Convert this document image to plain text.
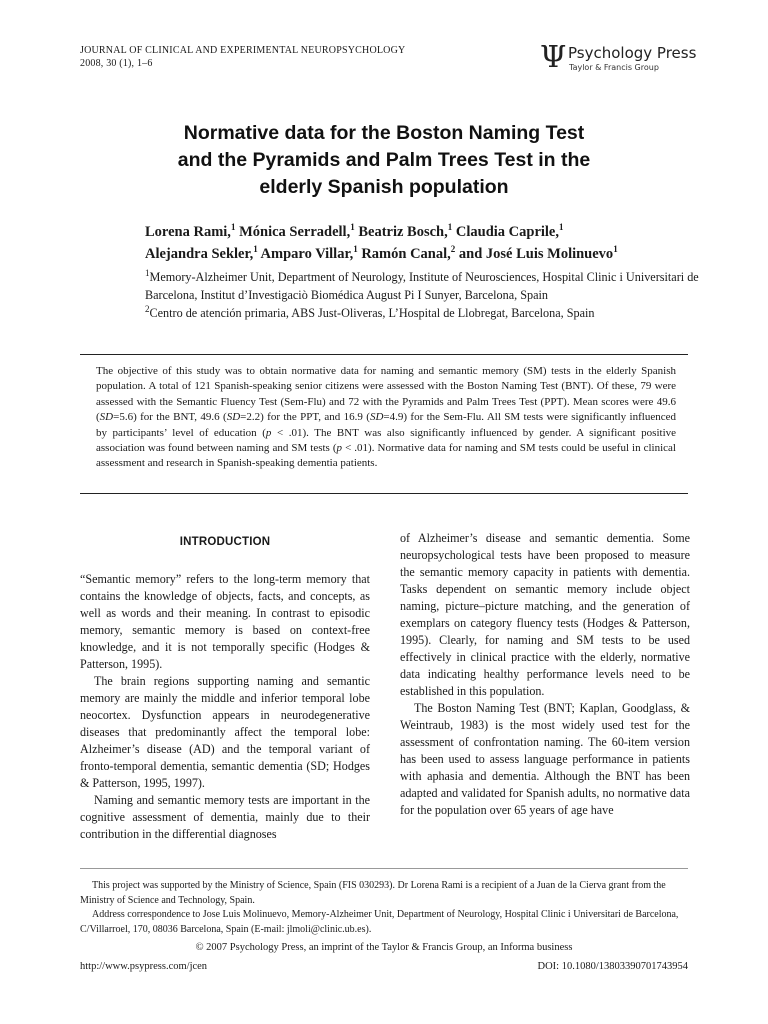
JOURNAL OF CLINICAL AND EXPERIMENTAL NEUROPSYCHOLOGY
2008, 30 (1), 1–6	Ψ Psychology Press
Taylor & Francis Group
Normative data for the Boston Naming Test
and the Pyramids and Palm Trees Test in the
elderly Spanish population
Lorena Rami,$^1$ Mónica Serradell,$^1$ Beatriz Bosch,$^1$ Claudia Caprile,$^1$
Alejandra Sekler,$^1$ Amparo Villar,$^1$ Ramón Canal,$^2$ and José Luis Molinuevo$^1$
$^1$Memory-Alzheimer Unit, Department of Neurology, Institute of Neurosciences, Hospital Clinic i Universitari de Barcelona, Institut d’Investigaciò Biomédica August Pi I Sunyer, Barcelona, Spain
$^2$Centro de atención primaria, ABS Just-Oliveras, L’Hospital de Llobregat, Barcelona, Spain
The objective of this study was to obtain normative data for naming and semantic memory (SM) tests in the elderly Spanish population. A total of 121 Spanish-speaking senior citizens were assessed with the Boston Naming Test (BNT). Of these, 79 were assessed with the Semantic Fluency Test (Sem-Flu) and 72 with the Pyramids and Palm Trees Test (PPT). Mean scores were 49.6 (SD=5.6) for the BNT, 49.6 (SD=2.2) for the PPT, and 16.9 (SD=4.9) for the Sem-Flu. All SM tests were significantly influenced by participants’ level of education (p < .01). The BNT was also significantly influenced by gender. A significant positive association was found between naming and SM tests (p < .01). Normative data for naming and SM tests could be useful in clinical assessment and research in Spanish-speaking dementia patients.

INTRODUCTION

“Semantic memory” refers to the long-term memory that contains the knowledge of objects, facts, and concepts, as well as words and their meaning. In contrast to episodic memory, semantic memory is based on context-free knowledge, and it is not temporally specific (Hodges & Patterson, 1995).

The brain regions supporting naming and semantic memory are mainly the middle and inferior temporal lobe neocortex. Dysfunction appears in neurodegenerative diseases that predominantly affect the temporal lobe: Alzheimer’s disease (AD) and the temporal variant of fronto-temporal dementia, semantic dementia (SD; Hodges & Patterson, 1995, 1997).

Naming and semantic memory tests are important in the cognitive assessment of dementia, mainly due to their contribution in the differential diagnoses

of Alzheimer’s disease and semantic dementia. Some neuropsychological tests have been proposed to measure the semantic memory capacity in patients with dementia. Tasks dependent on semantic memory include object naming, picture–picture matching, and the generation of exemplars on category fluency tests (Hodges & Patterson, 1995). Clearly, for naming and SM tests to be used effectively in clinical practice with the elderly, normative data indicating healthy performance levels need to be established in this population.

The Boston Naming Test (BNT; Kaplan, Goodglass, & Weintraub, 1983) is the most widely used test for the assessment of confrontation naming. The 60-item version has been used to assess language performance in patients with aphasia and dementia. Although the BNT has been adapted and validated for Spanish adults, no normative data for the population over 65 years of age have

This project was supported by the Ministry of Science, Spain (FIS 030293). Dr Lorena Rami is a recipient of a Juan de la Cierva grant from the Ministry of Science and Technology, Spain.

Address correspondence to Jose Luis Molinuevo, Memory-Alzheimer Unit, Department of Neurology, Hospital Clinic i Universitari de Barcelona, C/Villarroel, 170, 08036 Barcelona, Spain (E-mail: jlmoli@clinic.ub.es).

© 2007 Psychology Press, an imprint of the Taylor & Francis Group, an Informa business
http://www.psypress.com/jcen	DOI: 10.1080/13803390701743954
